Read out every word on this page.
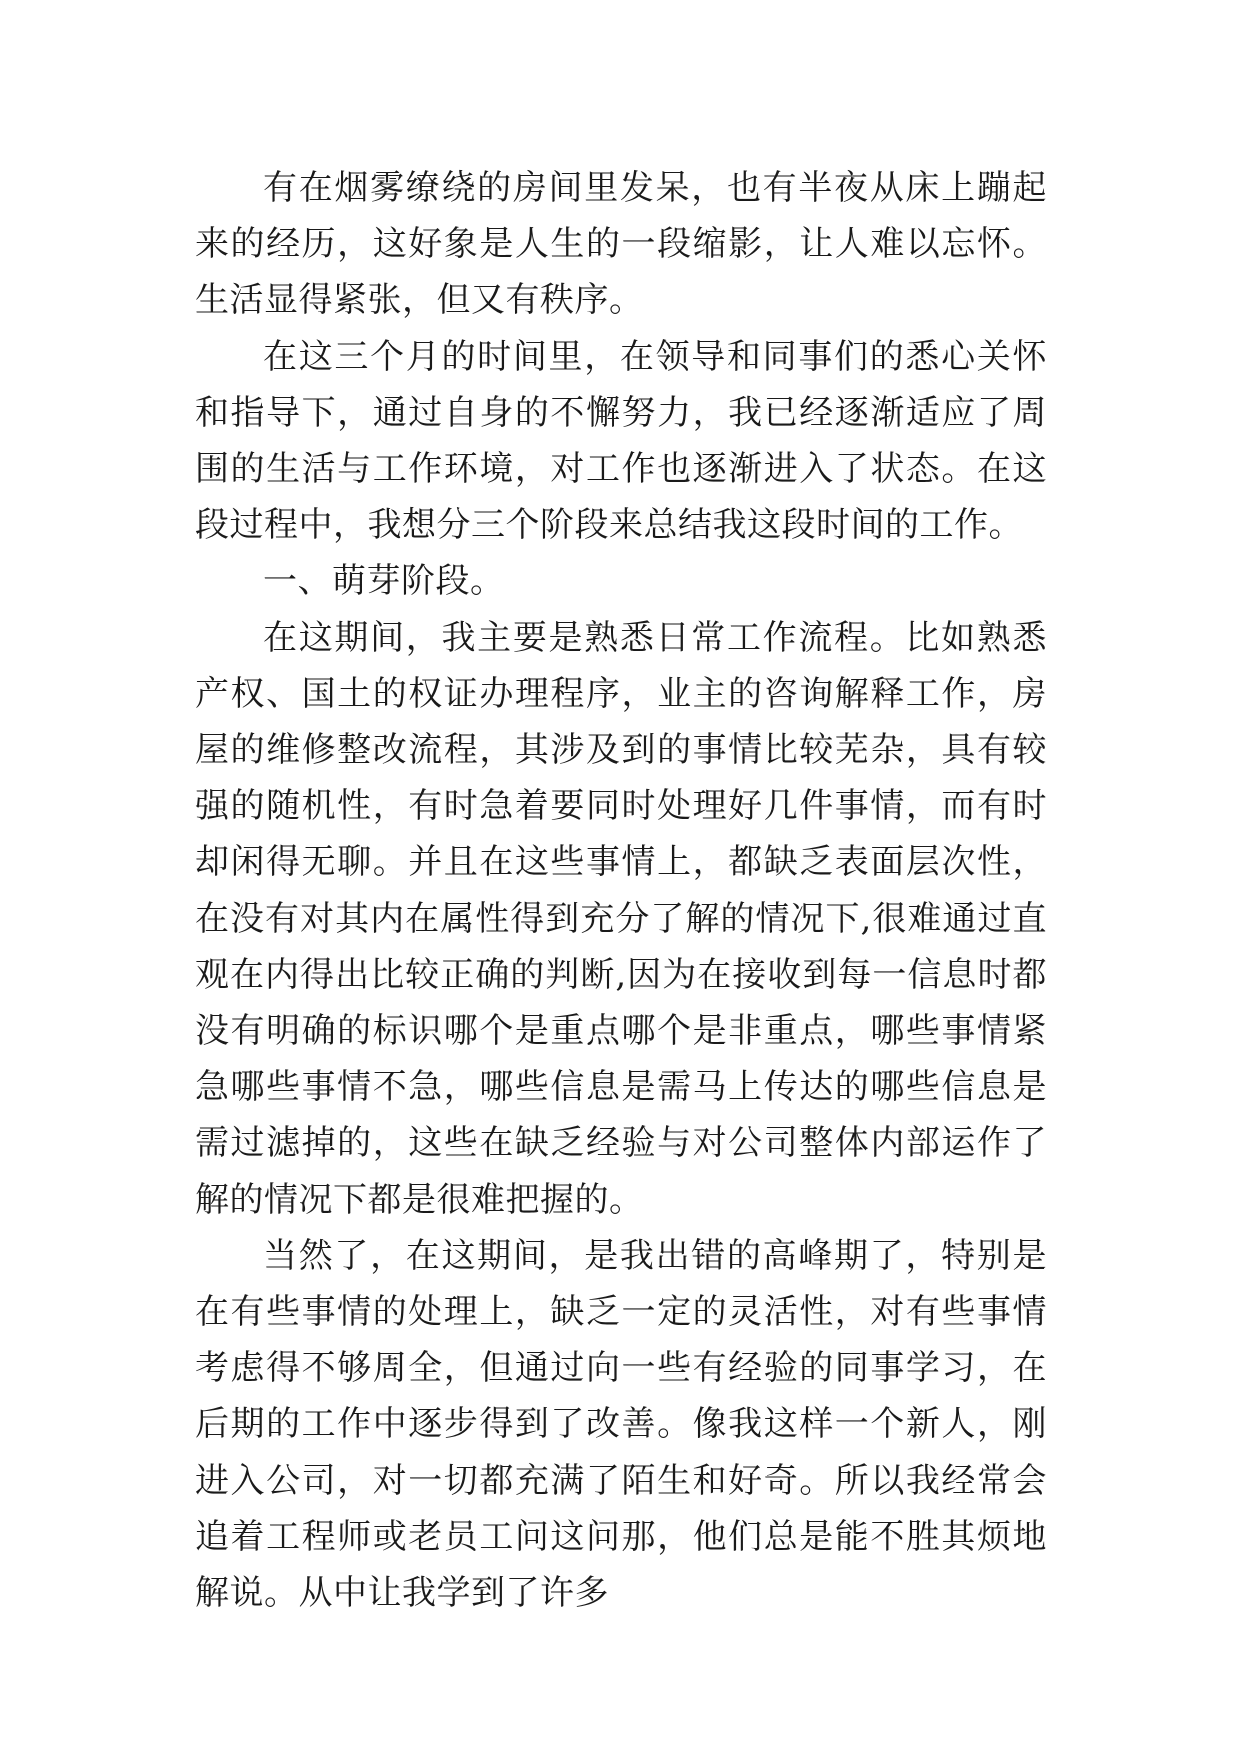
有在烟雾缭绕的房间里发呆，也有半夜从床上蹦起来的经历，这好象是人生的一段缩影，让人难以忘怀。生活显得紧张，但又有秩序。

在这三个月的时间里，在领导和同事们的悉心关怀和指导下，通过自身的不懈努力，我已经逐渐适应了周围的生活与工作环境，对工作也逐渐进入了状态。在这段过程中，我想分三个阶段来总结我这段时间的工作。

一、萌芽阶段。

在这期间，我主要是熟悉日常工作流程。比如熟悉产权、国土的权证办理程序，业主的咨询解释工作，房屋的维修整改流程，其涉及到的事情比较芜杂，具有较强的随机性，有时急着要同时处理好几件事情，而有时却闲得无聊。并且在这些事情上，都缺乏表面层次性，在没有对其内在属性得到充分了解的情况下,很难通过直观在内得出比较正确的判断,因为在接收到每一信息时都没有明确的标识哪个是重点哪个是非重点，哪些事情紧急哪些事情不急，哪些信息是需马上传达的哪些信息是需过滤掉的，这些在缺乏经验与对公司整体内部运作了解的情况下都是很难把握的。

当然了，在这期间，是我出错的高峰期了，特别是在有些事情的处理上，缺乏一定的灵活性，对有些事情考虑得不够周全，但通过向一些有经验的同事学习，在后期的工作中逐步得到了改善。像我这样一个新人，刚进入公司，对一切都充满了陌生和好奇。所以我经常会追着工程师或老员工问这问那，他们总是能不胜其烦地解说。从中让我学到了许多
